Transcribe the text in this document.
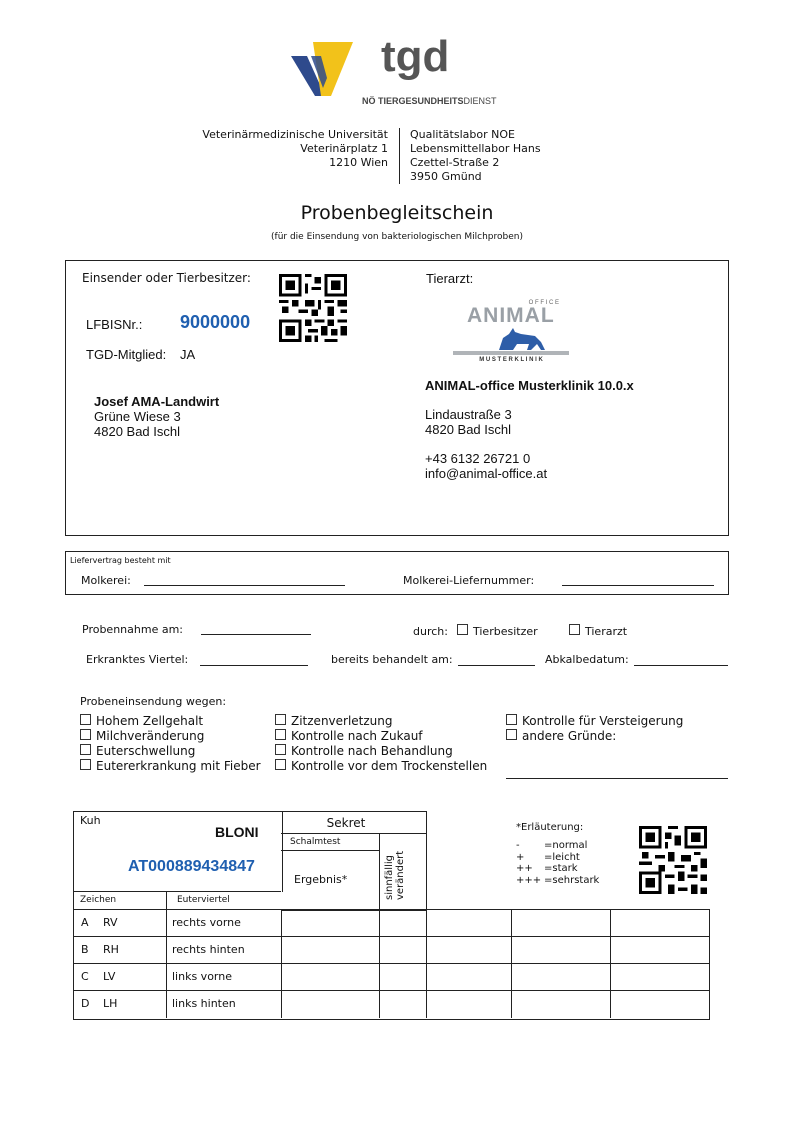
tgd
NÖ TIERGESUNDHEITSDIENST
Veterinärmedizinische Universität
Veterinärplatz 1
1210 Wien
Qualitätslabor NOE
Lebensmittellabor Hans
Czettel-Straße 2
3950 Gmünd
Probenbegleitschein
(für die Einsendung von bakteriologischen Milchproben)
Einsender oder Tierbesitzer:
LFBISNr.: 9000000
TGD-Mitglied: JA
Josef AMA-Landwirt
Grüne Wiese 3
4820 Bad Ischl
Tierarzt:
O F F I C E
ANIMAL
M U S T E R K L I N I K
ANIMAL-office Musterklinik 10.0.x
Lindaustraße 3
4820 Bad Ischl
+43 6132 26721 0
info@animal-office.at
Liefervertrag besteht mit
Molkerei:	Molkerei-Liefernummer:
Probennahme am:	durch:	Tierbesitzer	Tierarzt
Erkranktes Viertel:	bereits behandelt am:	Abkalbedatum:
Probeneinsendung wegen:
Hohem Zellgehalt
Milchveränderung
Euterschwellung
Eutererkrankung mit Fieber
Zitzenverletzung
Kontrolle nach Zukauf
Kontrolle nach Behandlung
Kontrolle vor dem Trockenstellen
Kontrolle für Versteigerung
andere Gründe:
Kuh
BLONI
AT000889434847
Sekret
Schalmtest
Ergebnis*	sinnfällig verändert
Zeichen	Euterviertel
A RV	rechts vorne
B RH	rechts hinten
C LV	links vorne
D LH	links hinten
*Erläuterung:
- =normal
+ =leicht
++ =stark
+++ =sehrstark
